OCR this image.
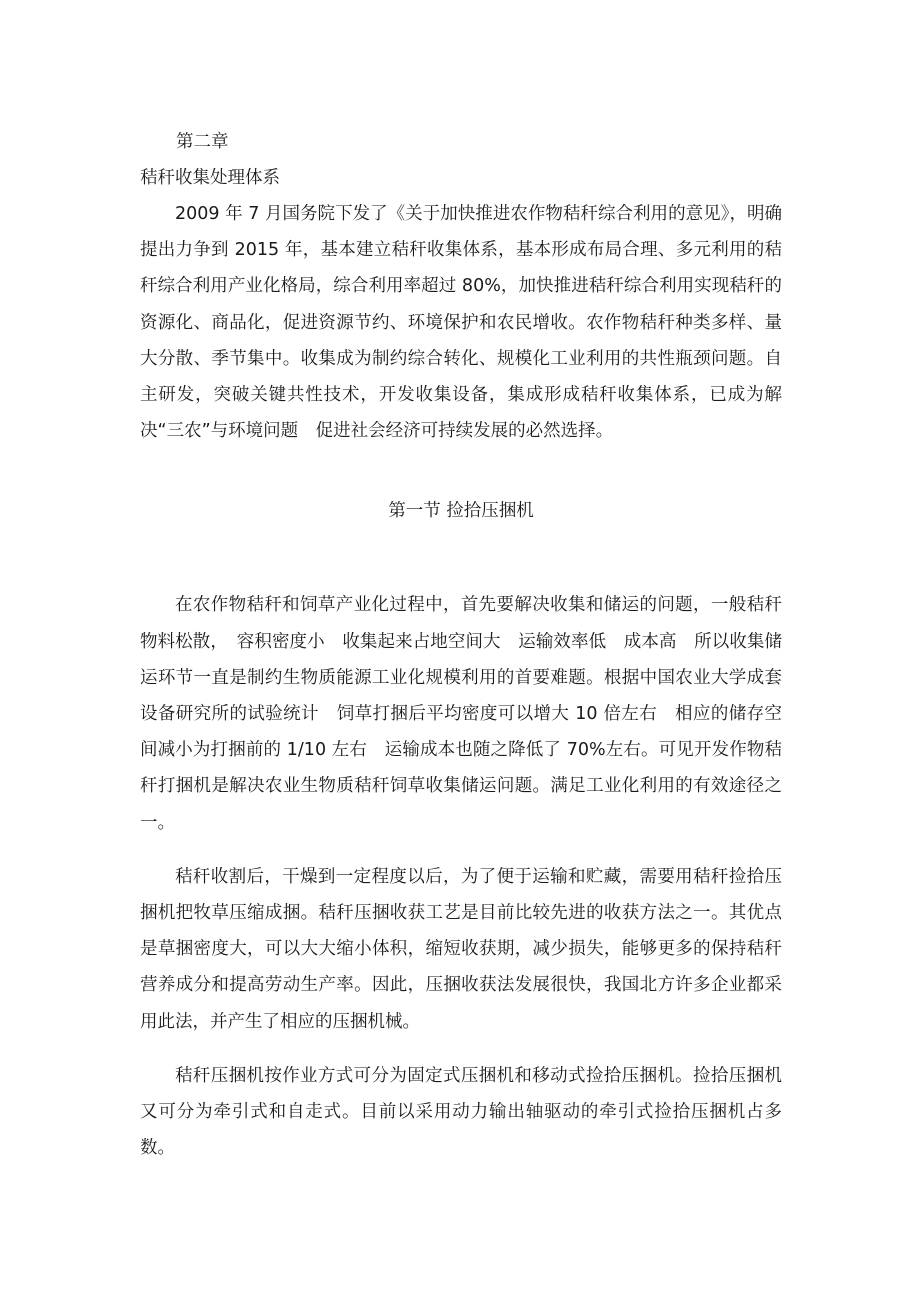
第二章

秸秆收集处理体系

2009 年 7 月国务院下发了《关于加快推进农作物秸秆综合利用的意见》，明确提出力争到 2015 年，基本建立秸秆收集体系，基本形成布局合理、多元利用的秸秆综合利用产业化格局，综合利用率超过 80%，加快推进秸秆综合利用实现秸秆的资源化、商品化，促进资源节约、环境保护和农民增收。农作物秸秆种类多样、量大分散、季节集中。收集成为制约综合转化、规模化工业利用的共性瓶颈问题。自主研发，突破关键共性技术，开发收集设备，集成形成秸秆收集体系，已成为解决“三农”与环境问题　促进社会经济可持续发展的必然选择。

第一节 捡拾压捆机

在农作物秸秆和饲草产业化过程中，首先要解决收集和储运的问题，一般秸秆物料松散，　容积密度小　收集起来占地空间大　运输效率低　成本高　所以收集储运环节一直是制约生物质能源工业化规模利用的首要难题。根据中国农业大学成套设备研究所的试验统计　饲草打捆后平均密度可以增大 10 倍左右　相应的储存空间减小为打捆前的 1/10 左右　运输成本也随之降低了 70%左右。可见开发作物秸秆打捆机是解决农业生物质秸秆饲草收集储运问题。满足工业化利用的有效途径之一。

秸秆收割后，干燥到一定程度以后，为了便于运输和贮藏，需要用秸秆捡拾压捆机把牧草压缩成捆。秸秆压捆收获工艺是目前比较先进的收获方法之一。其优点是草捆密度大，可以大大缩小体积，缩短收获期，减少损失，能够更多的保持秸秆营养成分和提高劳动生产率。因此，压捆收获法发展很快，我国北方许多企业都采用此法，并产生了相应的压捆机械。

秸秆压捆机按作业方式可分为固定式压捆机和移动式捡拾压捆机。捡拾压捆机又可分为牵引式和自走式。目前以采用动力输出轴驱动的牵引式捡拾压捆机占多数。
